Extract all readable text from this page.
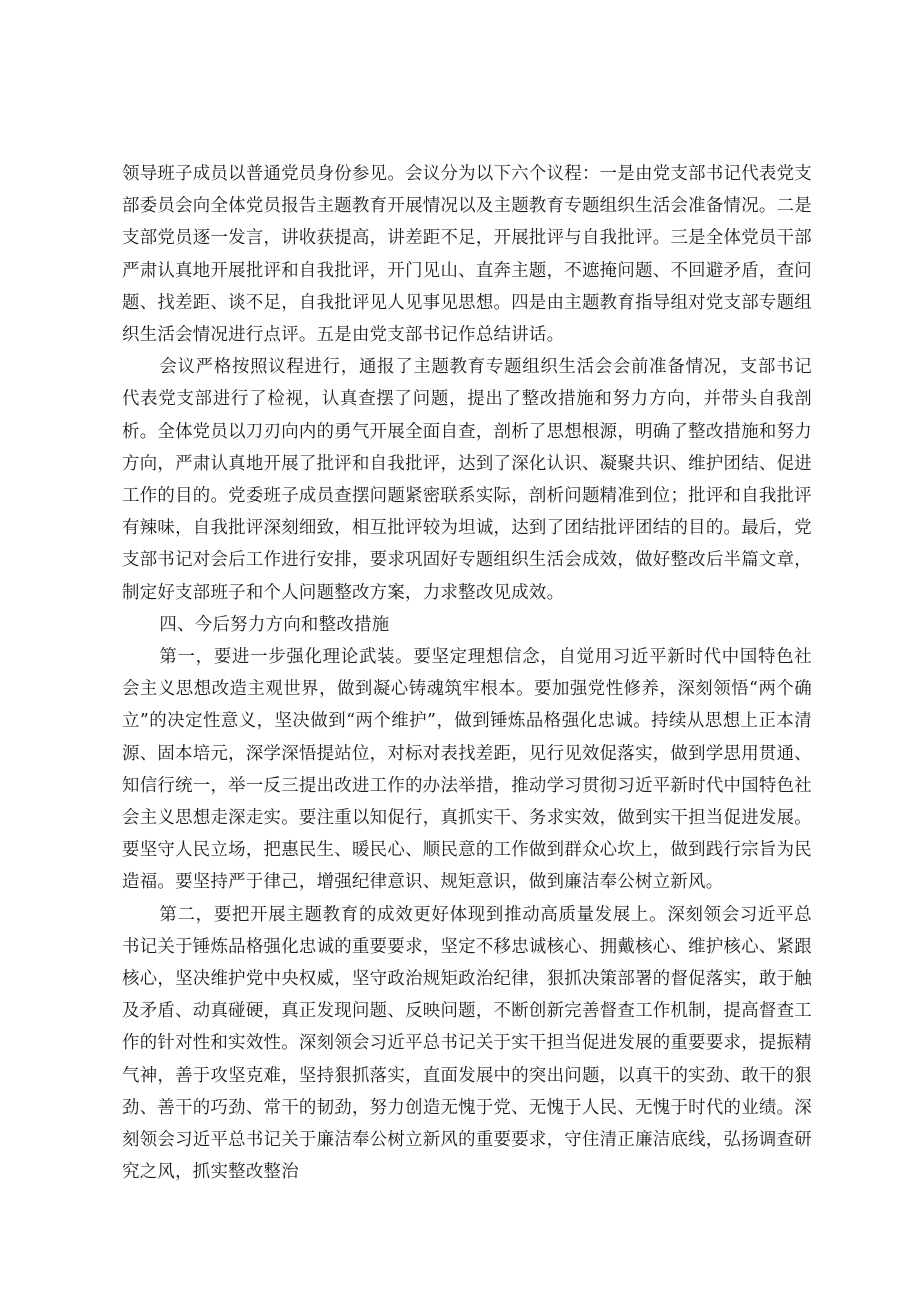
领导班子成员以普通党员身份参见。会议分为以下六个议程：一是由党支部书记代表党支部委员会向全体党员报告主题教育开展情况以及主题教育专题组织生活会准备情况。二是支部党员逐一发言，讲收获提高，讲差距不足，开展批评与自我批评。三是全体党员干部严肃认真地开展批评和自我批评，开门见山、直奔主题，不遮掩问题、不回避矛盾，查问题、找差距、谈不足，自我批评见人见事见思想。四是由主题教育指导组对党支部专题组织生活会情况进行点评。五是由党支部书记作总结讲话。

会议严格按照议程进行，通报了主题教育专题组织生活会会前准备情况，支部书记代表党支部进行了检视，认真查摆了问题，提出了整改措施和努力方向，并带头自我剖析。全体党员以刀刃向内的勇气开展全面自查，剖析了思想根源，明确了整改措施和努力方向，严肃认真地开展了批评和自我批评，达到了深化认识、凝聚共识、维护团结、促进工作的目的。党委班子成员查摆问题紧密联系实际，剖析问题精准到位；批评和自我批评有辣味，自我批评深刻细致，相互批评较为坦诚，达到了团结批评团结的目的。最后，党支部书记对会后工作进行安排，要求巩固好专题组织生活会成效，做好整改后半篇文章，制定好支部班子和个人问题整改方案，力求整改见成效。

四、今后努力方向和整改措施

第一，要进一步强化理论武装。要坚定理想信念，自觉用习近平新时代中国特色社会主义思想改造主观世界，做到凝心铸魂筑牢根本。要加强党性修养，深刻领悟“两个确立”的决定性意义，坚决做到“两个维护”，做到锤炼品格强化忠诚。持续从思想上正本清源、固本培元，深学深悟提站位，对标对表找差距，见行见效促落实，做到学思用贯通、知信行统一，举一反三提出改进工作的办法举措，推动学习贯彻习近平新时代中国特色社会主义思想走深走实。要注重以知促行，真抓实干、务求实效，做到实干担当促进发展。要坚守人民立场，把惠民生、暖民心、顺民意的工作做到群众心坎上，做到践行宗旨为民造福。要坚持严于律己，增强纪律意识、规矩意识，做到廉洁奉公树立新风。

第二，要把开展主题教育的成效更好体现到推动高质量发展上。深刻领会习近平总书记关于锤炼品格强化忠诚的重要要求，坚定不移忠诚核心、拥戴核心、维护核心、紧跟核心，坚决维护党中央权威，坚守政治规矩政治纪律，狠抓决策部署的督促落实，敢于触及矛盾、动真碰硬，真正发现问题、反映问题，不断创新完善督查工作机制，提高督查工作的针对性和实效性。深刻领会习近平总书记关于实干担当促进发展的重要要求，提振精气神，善于攻坚克难，坚持狠抓落实，直面发展中的突出问题，以真干的实劲、敢干的狠劲、善干的巧劲、常干的韧劲，努力创造无愧于党、无愧于人民、无愧于时代的业绩。深刻领会习近平总书记关于廉洁奉公树立新风的重要要求，守住清正廉洁底线，弘扬调查研究之风，抓实整改整治
